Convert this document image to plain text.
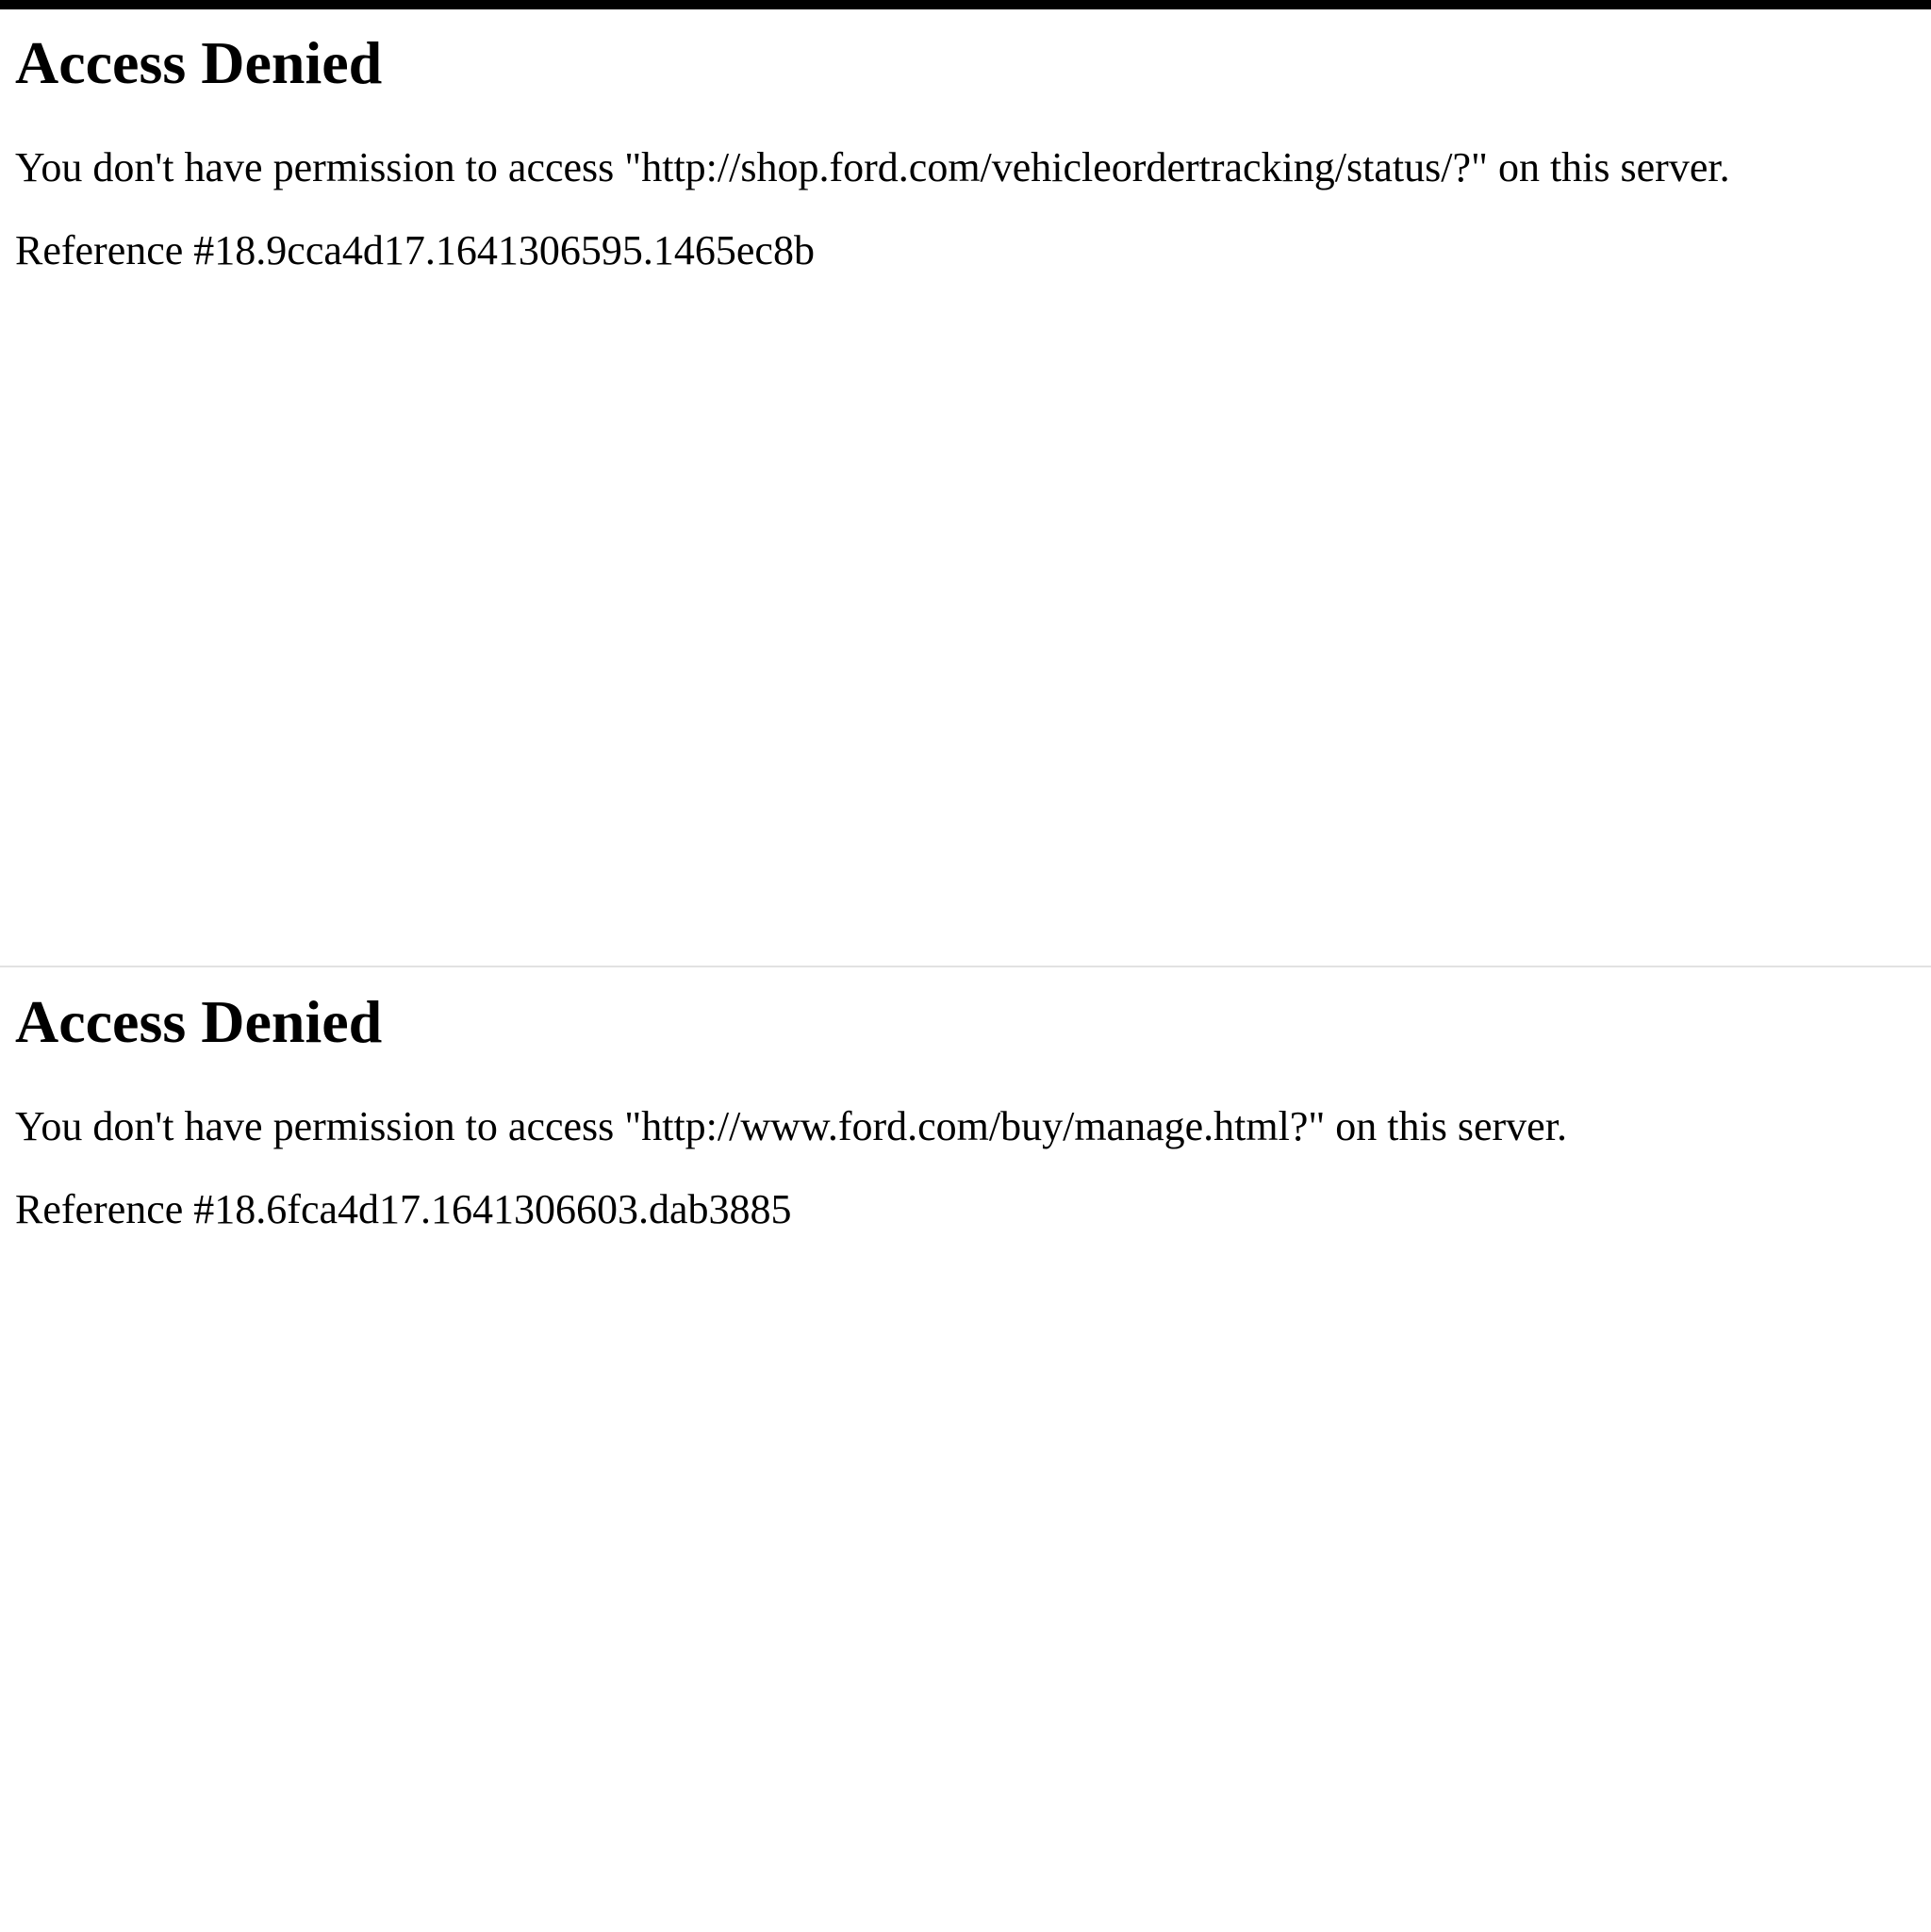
Access Denied

You don't have permission to access "http://shop.ford.com/vehicleordertracking/status/?" on this server.

Reference #18.9cca4d17.1641306595.1465ec8b

Access Denied

You don't have permission to access "http://www.ford.com/buy/manage.html?" on this server.

Reference #18.6fca4d17.1641306603.dab3885
